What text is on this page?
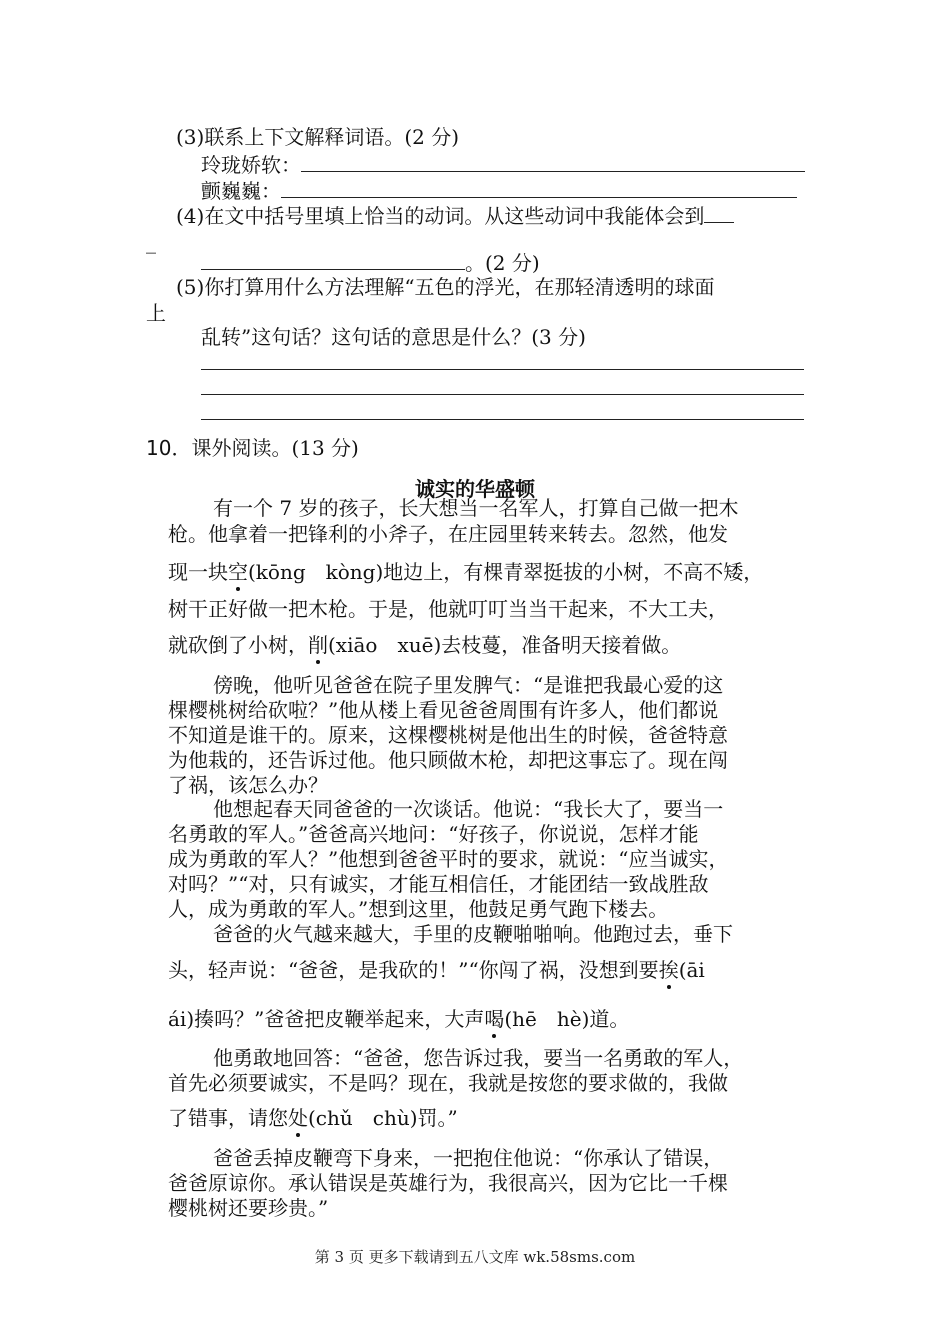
(3)联系上下文解释词语。(2 分)
玲珑娇软：
颤巍巍：
(4)在文中括号里填上恰当的动词。从这些动词中我能体会到
_
。(2 分)
(5)你打算用什么方法理解“五色的浮光，在那轻清透明的球面
上
乱转”这句话？这句话的意思是什么？(3 分)
10．课外阅读。(13 分)
诚实的华盛顿
有一个 7 岁的孩子，长大想当一名军人，打算自己做一把木
枪。他拿着一把锋利的小斧子，在庄园里转来转去。忽然，他发
现一块空(kōng　kòng)地边上，有棵青翠挺拔的小树，不高不矮，
树干正好做一把木枪。于是，他就叮叮当当干起来，不大工夫，
就砍倒了小树，削(xiāo　xuē)去枝蔓，准备明天接着做。
傍晚，他听见爸爸在院子里发脾气：“是谁把我最心爱的这
棵樱桃树给砍啦？”他从楼上看见爸爸周围有许多人，他们都说
不知道是谁干的。原来，这棵樱桃树是他出生的时候，爸爸特意
为他栽的，还告诉过他。他只顾做木枪，却把这事忘了。现在闯
了祸，该怎么办？
他想起春天同爸爸的一次谈话。他说：“我长大了，要当一
名勇敢的军人。”爸爸高兴地问：“好孩子，你说说，怎样才能
成为勇敢的军人？”他想到爸爸平时的要求，就说：“应当诚实，
对吗？”“对，只有诚实，才能互相信任，才能团结一致战胜敌
人，成为勇敢的军人。”想到这里，他鼓足勇气跑下楼去。
爸爸的火气越来越大，手里的皮鞭啪啪响。他跑过去，垂下
头，轻声说：“爸爸，是我砍的！”“你闯了祸，没想到要挨(āi
ái)揍吗？”爸爸把皮鞭举起来，大声喝(hē　hè)道。
他勇敢地回答：“爸爸，您告诉过我，要当一名勇敢的军人，
首先必须要诚实，不是吗？现在，我就是按您的要求做的，我做
了错事，请您处(chǔ　chù)罚。”
爸爸丢掉皮鞭弯下身来，一把抱住他说：“你承认了错误，
爸爸原谅你。承认错误是英雄行为，我很高兴，因为它比一千棵
樱桃树还要珍贵。”
第 3 页 更多下载请到五八文库 wk.58sms.com
